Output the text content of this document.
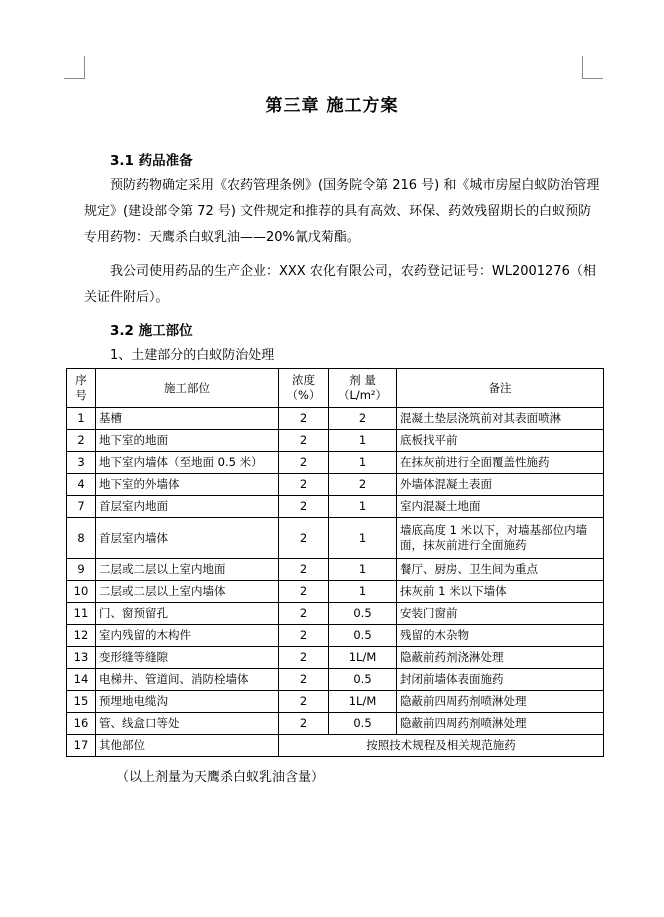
第三章 施工方案
3.1 药品准备
预防药物确定采用《农药管理条例》(国务院令第 216 号) 和《城市房屋白蚁防治管理规定》(建设部令第 72 号) 文件规定和推荐的具有高效、环保、药效残留期长的白蚁预防专用药物：天鹰杀白蚁乳油——20%氰戊菊酯。
我公司使用药品的生产企业：XXX 农化有限公司，农药登记证号：WL2001276（相关证件附后）。
3.2 施工部位
1、土建部分的白蚁防治处理
序号	施工部位	浓度（%）	剂 量（L/m²）	备注
1	基槽	2	2	混凝土垫层浇筑前对其表面喷淋
2	地下室的地面	2	1	底板找平前
3	地下室内墙体（至地面 0.5 米）	2	1	在抹灰前进行全面覆盖性施药
4	地下室的外墙体	2	2	外墙体混凝土表面
7	首层室内地面	2	1	室内混凝土地面
8	首层室内墙体	2	1	墙底高度 1 米以下，对墙基部位内墙面，抹灰前进行全面施药
9	二层或二层以上室内地面	2	1	餐厅、厨房、卫生间为重点
10	二层或二层以上室内墙体	2	1	抹灰前 1 米以下墙体
11	门、窗预留孔	2	0.5	安装门窗前
12	室内残留的木构件	2	0.5	残留的木杂物
13	变形缝等缝隙	2	1L/M	隐蔽前药剂浇淋处理
14	电梯井、管道间、消防栓墙体	2	0.5	封闭前墙体表面施药
15	预埋地电缆沟	2	1L/M	隐蔽前四周药剂喷淋处理
16	管、线盒口等处	2	0.5	隐蔽前四周药剂喷淋处理
17	其他部位	按照技术规程及相关规范施药		
（以上剂量为天鹰杀白蚁乳油含量）
